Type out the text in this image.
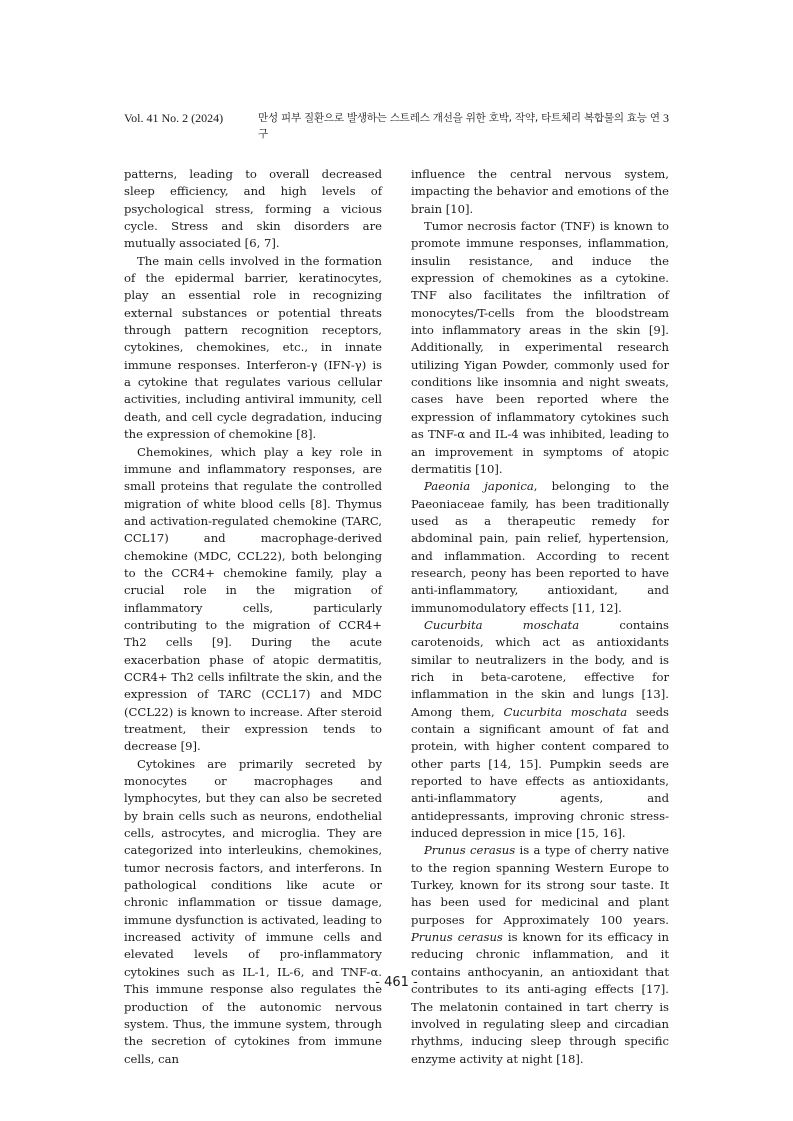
Vol. 41 No. 2 (2024)	만성 피부 질환으로 발생하는 스트레스 개선을 위한 호박, 작약, 타트체리 복합물의 효능 연구
3

patterns, leading to overall decreased sleep efficiency, and high levels of psychological stress, forming a vicious cycle. Stress and skin disorders are mutually associated [6, 7].

The main cells involved in the formation of the epidermal barrier, keratinocytes, play an essential role in recognizing external substances or potential threats through pattern recognition receptors, cytokines, chemokines, etc., in innate immune responses. Interferon-γ (IFN-γ) is a cytokine that regulates various cellular activities, including antiviral immunity, cell death, and cell cycle degradation, inducing the expression of chemokine [8].

Chemokines, which play a key role in immune and inflammatory responses, are small proteins that regulate the controlled migration of white blood cells [8]. Thymus and activation-regulated chemokine (TARC, CCL17) and macrophage-derived chemokine (MDC, CCL22), both belonging to the CCR4+ chemokine family, play a crucial role in the migration of inflammatory cells, particularly contributing to the migration of CCR4+ Th2 cells [9]. During the acute exacerbation phase of atopic dermatitis, CCR4+ Th2 cells infiltrate the skin, and the expression of TARC (CCL17) and MDC (CCL22) is known to increase. After steroid treatment, their expression tends to decrease [9].

Cytokines are primarily secreted by monocytes or macrophages and lymphocytes, but they can also be secreted by brain cells such as neurons, endothelial cells, astrocytes, and microglia. They are categorized into interleukins, chemokines, tumor necrosis factors, and interferons. In pathological conditions like acute or chronic inflammation or tissue damage, immune dysfunction is activated, leading to increased activity of immune cells and elevated levels of pro-inflammatory cytokines such as IL-1, IL-6, and TNF-α. This immune response also regulates the production of the autonomic nervous system. Thus, the immune system, through the secretion of cytokines from immune cells, can

influence the central nervous system, impacting the behavior and emotions of the brain [10].

Tumor necrosis factor (TNF) is known to promote immune responses, inflammation, insulin resistance, and induce the expression of chemokines as a cytokine. TNF also facilitates the infiltration of monocytes/T-cells from the bloodstream into inflammatory areas in the skin [9]. Additionally, in experimental research utilizing Yigan Powder, commonly used for conditions like insomnia and night sweats, cases have been reported where the expression of inflammatory cytokines such as TNF-α and IL-4 was inhibited, leading to an improvement in symptoms of atopic dermatitis [10].

Paeonia japonica, belonging to the Paeoniaceae family, has been traditionally used as a therapeutic remedy for abdominal pain, pain relief, hypertension, and inflammation. According to recent research, peony has been reported to have anti-inflammatory, antioxidant, and immunomodulatory effects [11, 12].

Cucurbita moschata contains carotenoids, which act as antioxidants similar to neutralizers in the body, and is rich in beta-carotene, effective for inflammation in the skin and lungs [13]. Among them, Cucurbita moschata seeds contain a significant amount of fat and protein, with higher content compared to other parts [14, 15]. Pumpkin seeds are reported to have effects as antioxidants, anti-inflammatory agents, and antidepressants, improving chronic stress-induced depression in mice [15, 16].

Prunus cerasus is a type of cherry native to the region spanning Western Europe to Turkey, known for its strong sour taste. It has been used for medicinal and plant purposes for Approximately 100 years. Prunus cerasus is known for its efficacy in reducing chronic inflammation, and it contains anthocyanin, an antioxidant that contributes to its anti-aging effects [17]. The melatonin contained in tart cherry is involved in regulating sleep and circadian rhythms, inducing sleep through specific enzyme activity at night [18].

- 461 -
